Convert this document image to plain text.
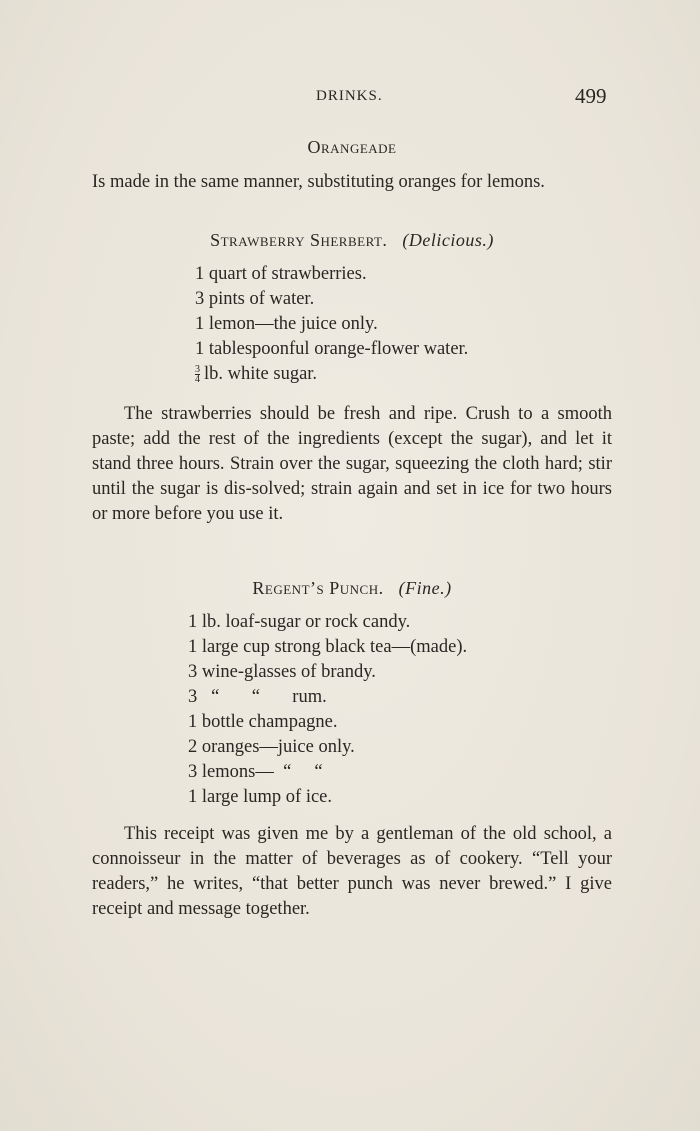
DRINKS.	499
Orangeade

Is made in the same manner, substituting oranges for lemons.

Strawberry Sherbert. (Delicious.)
1 quart of strawberries.
3 pints of water.
1 lemon—the juice only.
1 tablespoonful orange-flower water.
$\frac{3}{4}$ lb. white sugar.

The strawberries should be fresh and ripe. Crush to a smooth paste; add the rest of the ingredients (except the sugar), and let it stand three hours. Strain over the sugar, squeezing the cloth hard; stir until the sugar is dis-solved; strain again and set in ice for two hours or more before you use it.

Regent’s Punch. (Fine.)
1 lb. loaf-sugar or rock candy.
1 large cup strong black tea—(made).
3 wine-glasses of brandy.
3   “       “       rum.
1 bottle champagne.
2 oranges—juice only.
3 lemons—  “     “
1 large lump of ice.

This receipt was given me by a gentleman of the old school, a connoisseur in the matter of beverages as of cookery. “Tell your readers,” he writes, “that better punch was never brewed.” I give receipt and message together.
